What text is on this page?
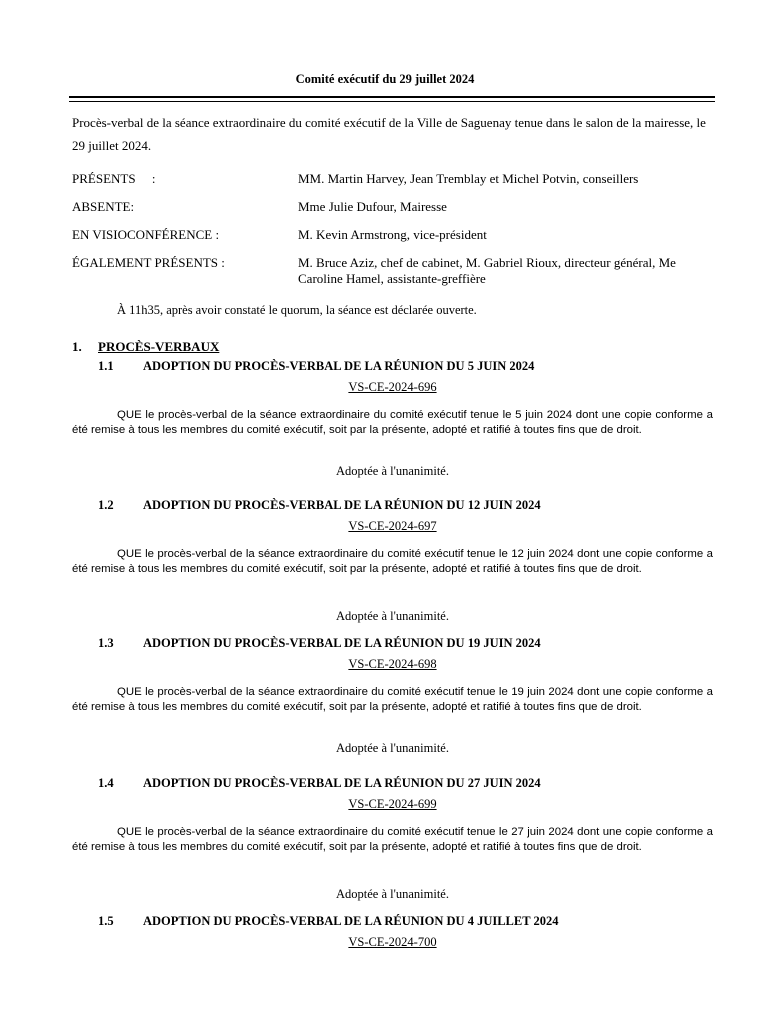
Comité exécutif du 29 juillet 2024
Procès-verbal de la séance extraordinaire du comité exécutif de la Ville de Saguenay tenue dans le salon de la mairesse, le 29 juillet 2024.
PRÉSENTS     :	MM. Martin Harvey, Jean Tremblay et Michel Potvin, conseillers
ABSENTE:	Mme Julie Dufour, Mairesse
EN VISIOCONFÉRENCE :	M. Kevin Armstrong, vice-président
ÉGALEMENT PRÉSENTS :	M. Bruce Aziz, chef de cabinet, M. Gabriel Rioux, directeur général, Me Caroline Hamel, assistante-greffière
À 11h35, après avoir constaté le quorum, la séance est déclarée ouverte.
1. PROCÈS-VERBAUX
1.1 ADOPTION DU PROCÈS-VERBAL DE LA RÉUNION DU 5 JUIN 2024
VS-CE-2024-696
QUE le procès-verbal de la séance extraordinaire du comité exécutif tenue le 5 juin 2024 dont une copie conforme a été remise à tous les membres du comité exécutif, soit par la présente, adopté et ratifié à toutes fins que de droit.
Adoptée à l'unanimité.
1.2 ADOPTION DU PROCÈS-VERBAL DE LA RÉUNION DU 12 JUIN 2024
VS-CE-2024-697
QUE le procès-verbal de la séance extraordinaire du comité exécutif tenue le 12 juin 2024 dont une copie conforme a été remise à tous les membres du comité exécutif, soit par la présente, adopté et ratifié à toutes fins que de droit.
Adoptée à l'unanimité.
1.3 ADOPTION DU PROCÈS-VERBAL DE LA RÉUNION DU 19 JUIN 2024
VS-CE-2024-698
QUE le procès-verbal de la séance extraordinaire du comité exécutif tenue le 19 juin 2024 dont une copie conforme a été remise à tous les membres du comité exécutif, soit par la présente, adopté et ratifié à toutes fins que de droit.
Adoptée à l'unanimité.
1.4 ADOPTION DU PROCÈS-VERBAL DE LA RÉUNION DU 27 JUIN 2024
VS-CE-2024-699
QUE le procès-verbal de la séance extraordinaire du comité exécutif tenue le 27 juin 2024 dont une copie conforme a été remise à tous les membres du comité exécutif, soit par la présente, adopté et ratifié à toutes fins que de droit.
Adoptée à l'unanimité.
1.5 ADOPTION DU PROCÈS-VERBAL DE LA RÉUNION DU 4 JUILLET 2024
VS-CE-2024-700
